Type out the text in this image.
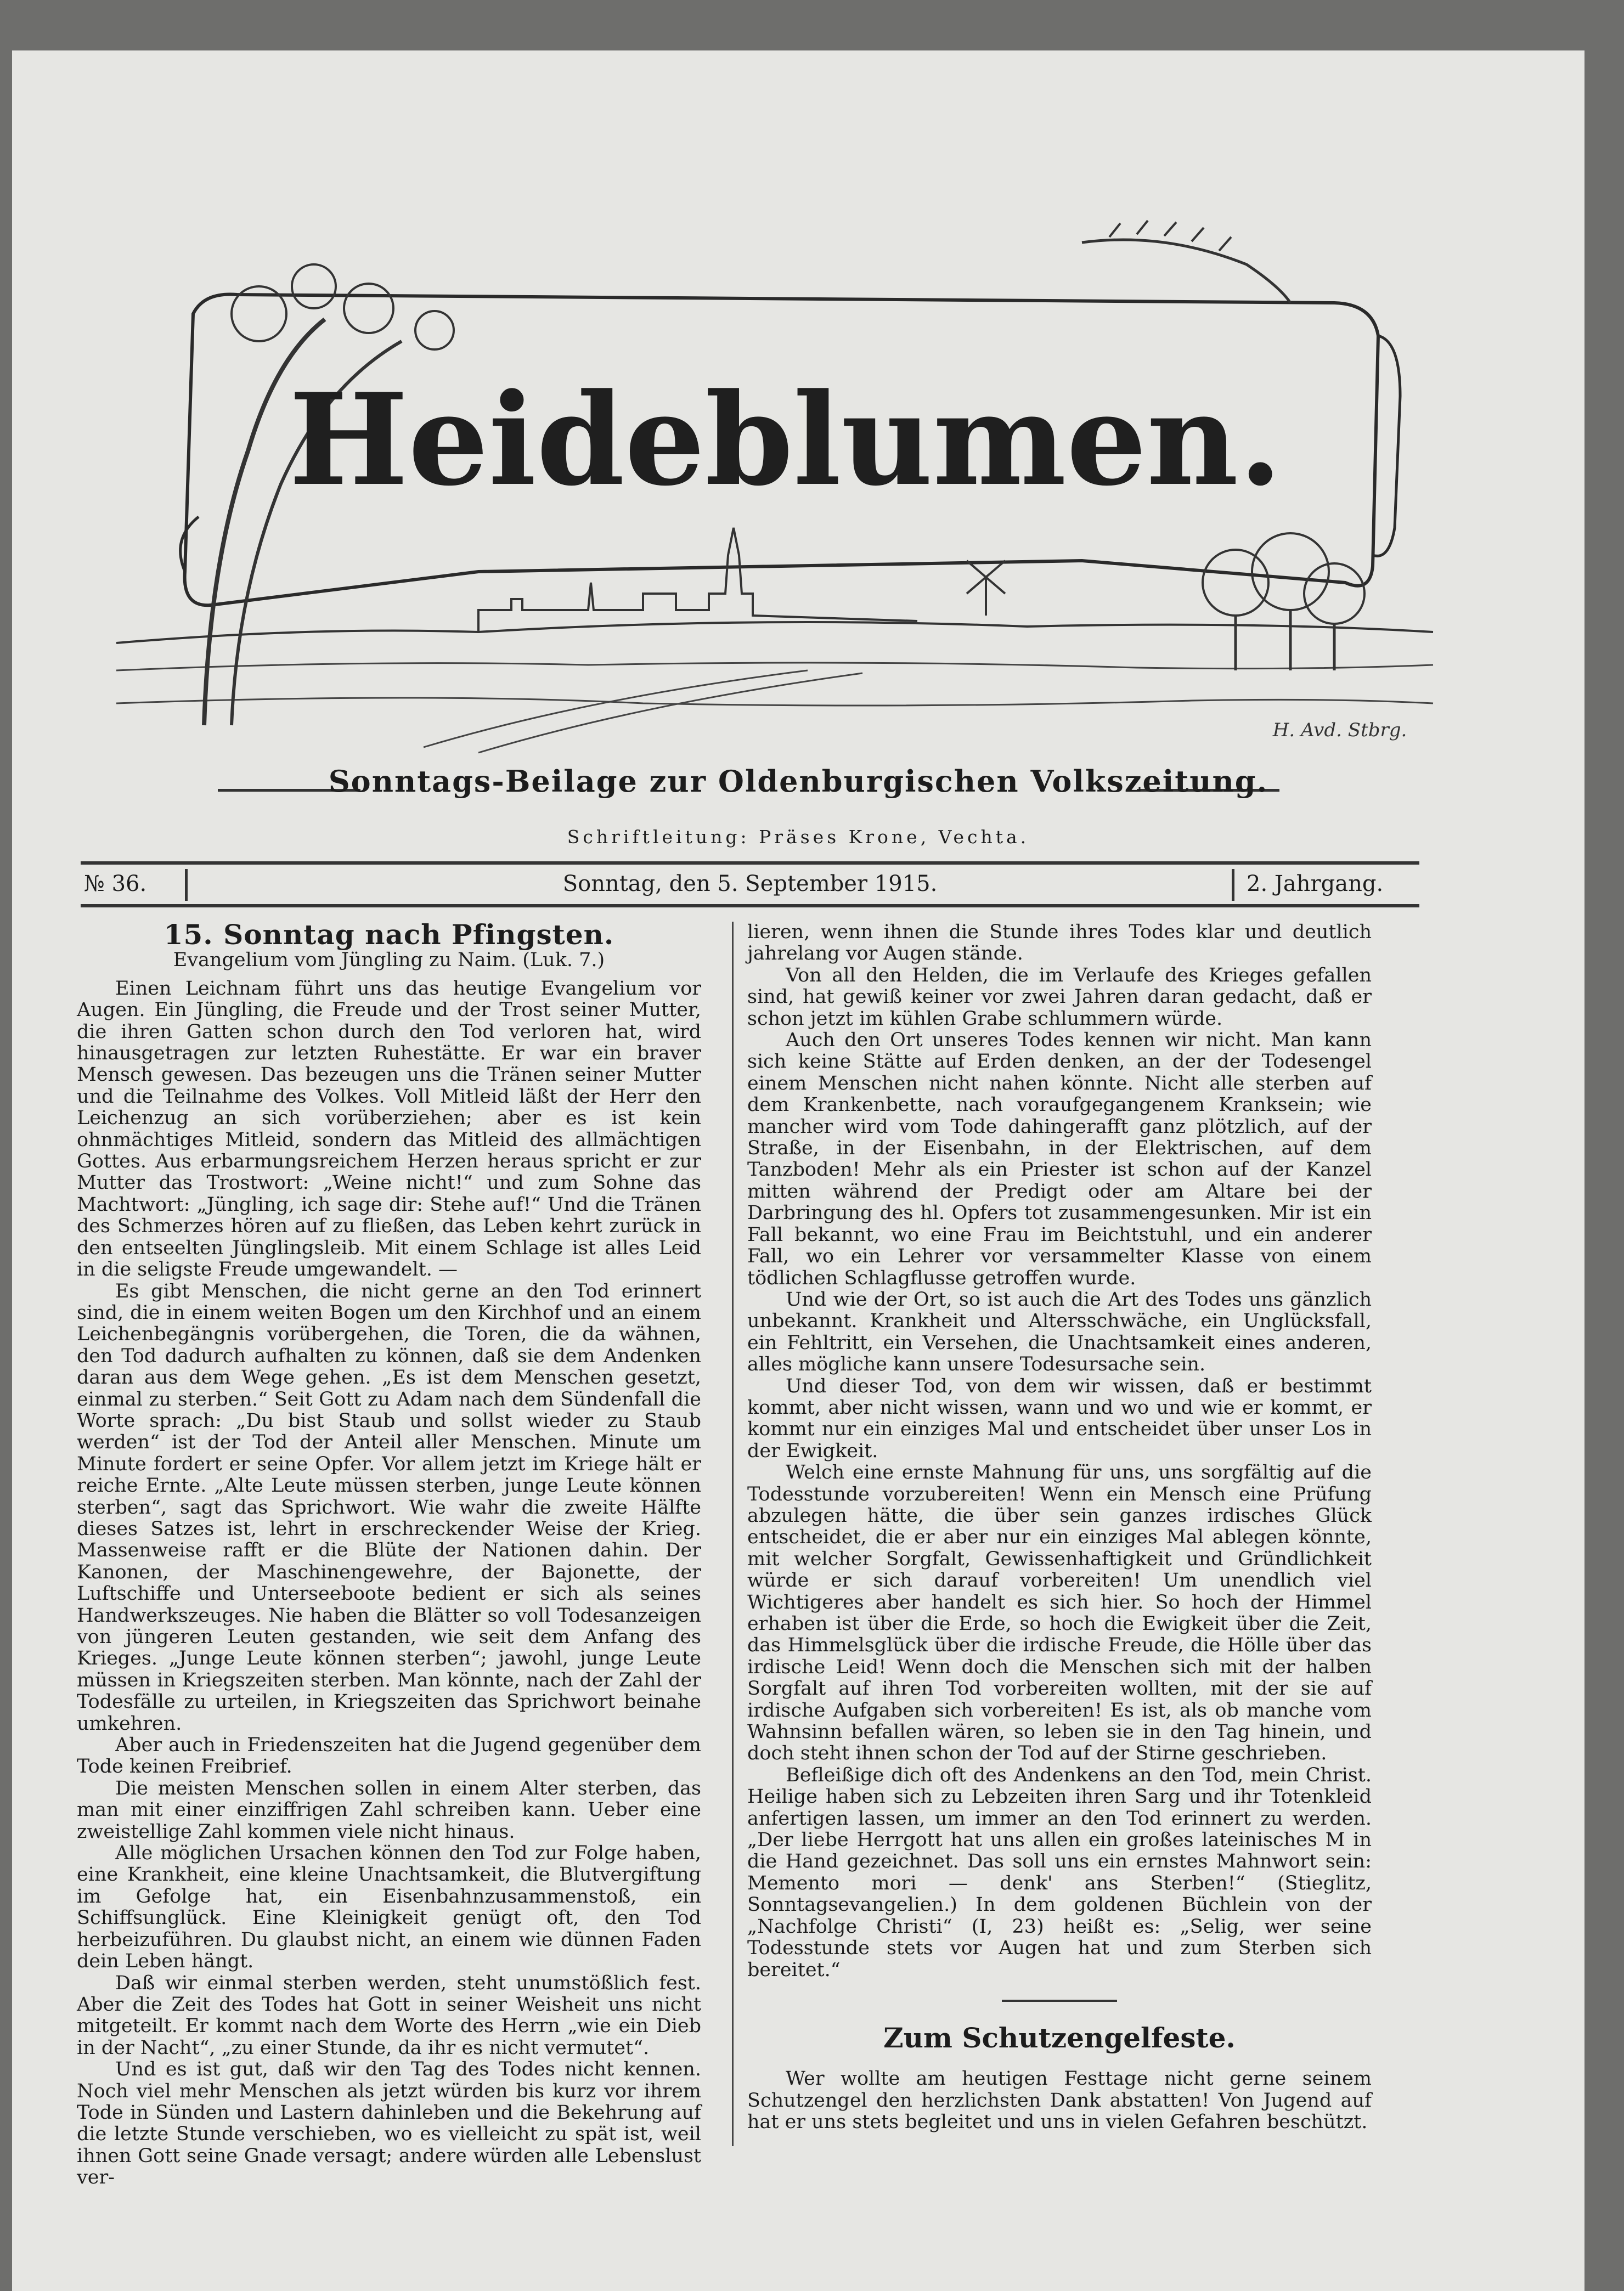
Heideblumen.
H. Avd. Stbrg.
Sonntags-Beilage zur Oldenburgischen Volkszeitung.
Schriftleitung: Präses Krone, Vechta.
№ 36.	Sonntag, den 5. September 1915.	2. Jahrgang.
15. Sonntag nach Pfingsten.

Evangelium vom Jüngling zu Naim. (Luk. 7.)

Einen Leichnam führt uns das heutige Evangelium vor Augen. Ein Jüngling, die Freude und der Trost seiner Mutter, die ihren Gatten schon durch den Tod verloren hat, wird hinausgetragen zur letzten Ruhestätte. Er war ein braver Mensch gewesen. Das bezeugen uns die Tränen seiner Mutter und die Teilnahme des Volkes. Voll Mitleid läßt der Herr den Leichenzug an sich vorüberziehen; aber es ist kein ohnmächtiges Mitleid, sondern das Mitleid des allmächtigen Gottes. Aus erbarmungsreichem Herzen heraus spricht er zur Mutter das Trostwort: „Weine nicht!“ und zum Sohne das Machtwort: „Jüngling, ich sage dir: Stehe auf!“ Und die Tränen des Schmerzes hören auf zu fließen, das Leben kehrt zurück in den entseelten Jünglingsleib. Mit einem Schlage ist alles Leid in die seligste Freude umgewandelt. —

Es gibt Menschen, die nicht gerne an den Tod erinnert sind, die in einem weiten Bogen um den Kirchhof und an einem Leichenbegängnis vorübergehen, die Toren, die da wähnen, den Tod dadurch aufhalten zu können, daß sie dem Andenken daran aus dem Wege gehen. „Es ist dem Menschen gesetzt, einmal zu sterben.“ Seit Gott zu Adam nach dem Sündenfall die Worte sprach: „Du bist Staub und sollst wieder zu Staub werden“ ist der Tod der Anteil aller Menschen. Minute um Minute fordert er seine Opfer. Vor allem jetzt im Kriege hält er reiche Ernte. „Alte Leute müssen sterben, junge Leute können sterben“, sagt das Sprichwort. Wie wahr die zweite Hälfte dieses Satzes ist, lehrt in erschreckender Weise der Krieg. Massenweise rafft er die Blüte der Nationen dahin. Der Kanonen, der Maschinengewehre, der Bajonette, der Luftschiffe und Unterseeboote bedient er sich als seines Handwerkszeuges. Nie haben die Blätter so voll Todesanzeigen von jüngeren Leuten gestanden, wie seit dem Anfang des Krieges. „Junge Leute können sterben“; jawohl, junge Leute müssen in Kriegszeiten sterben. Man könnte, nach der Zahl der Todesfälle zu urteilen, in Kriegszeiten das Sprichwort beinahe umkehren.

Aber auch in Friedenszeiten hat die Jugend gegenüber dem Tode keinen Freibrief.

Die meisten Menschen sollen in einem Alter sterben, das man mit einer einziffrigen Zahl schreiben kann. Ueber eine zweistellige Zahl kommen viele nicht hinaus.

Alle möglichen Ursachen können den Tod zur Folge haben, eine Krankheit, eine kleine Unachtsamkeit, die Blutvergiftung im Gefolge hat, ein Eisenbahnzusammenstoß, ein Schiffsunglück. Eine Kleinigkeit genügt oft, den Tod herbeizuführen. Du glaubst nicht, an einem wie dünnen Faden dein Leben hängt.

Daß wir einmal sterben werden, steht unumstößlich fest. Aber die Zeit des Todes hat Gott in seiner Weisheit uns nicht mitgeteilt. Er kommt nach dem Worte des Herrn „wie ein Dieb in der Nacht“, „zu einer Stunde, da ihr es nicht vermutet“.

Und es ist gut, daß wir den Tag des Todes nicht kennen. Noch viel mehr Menschen als jetzt würden bis kurz vor ihrem Tode in Sünden und Lastern dahinleben und die Bekehrung auf die letzte Stunde verschieben, wo es vielleicht zu spät ist, weil ihnen Gott seine Gnade versagt; andere würden alle Lebenslust ver-

lieren, wenn ihnen die Stunde ihres Todes klar und deutlich jahrelang vor Augen stände.

Von all den Helden, die im Verlaufe des Krieges gefallen sind, hat gewiß keiner vor zwei Jahren daran gedacht, daß er schon jetzt im kühlen Grabe schlummern würde.

Auch den Ort unseres Todes kennen wir nicht. Man kann sich keine Stätte auf Erden denken, an der der Todesengel einem Menschen nicht nahen könnte. Nicht alle sterben auf dem Krankenbette, nach voraufgegangenem Kranksein; wie mancher wird vom Tode dahingerafft ganz plötzlich, auf der Straße, in der Eisenbahn, in der Elektrischen, auf dem Tanzboden! Mehr als ein Priester ist schon auf der Kanzel mitten während der Predigt oder am Altare bei der Darbringung des hl. Opfers tot zusammengesunken. Mir ist ein Fall bekannt, wo eine Frau im Beichtstuhl, und ein anderer Fall, wo ein Lehrer vor versammelter Klasse von einem tödlichen Schlagflusse getroffen wurde.

Und wie der Ort, so ist auch die Art des Todes uns gänzlich unbekannt. Krankheit und Altersschwäche, ein Unglücksfall, ein Fehltritt, ein Versehen, die Unachtsamkeit eines anderen, alles mögliche kann unsere Todesursache sein.

Und dieser Tod, von dem wir wissen, daß er bestimmt kommt, aber nicht wissen, wann und wo und wie er kommt, er kommt nur ein einziges Mal und entscheidet über unser Los in der Ewigkeit.

Welch eine ernste Mahnung für uns, uns sorgfältig auf die Todesstunde vorzubereiten! Wenn ein Mensch eine Prüfung abzulegen hätte, die über sein ganzes irdisches Glück entscheidet, die er aber nur ein einziges Mal ablegen könnte, mit welcher Sorgfalt, Gewissenhaftigkeit und Gründlichkeit würde er sich darauf vorbereiten! Um unendlich viel Wichtigeres aber handelt es sich hier. So hoch der Himmel erhaben ist über die Erde, so hoch die Ewigkeit über die Zeit, das Himmelsglück über die irdische Freude, die Hölle über das irdische Leid! Wenn doch die Menschen sich mit der halben Sorgfalt auf ihren Tod vorbereiten wollten, mit der sie auf irdische Aufgaben sich vorbereiten! Es ist, als ob manche vom Wahnsinn befallen wären, so leben sie in den Tag hinein, und doch steht ihnen schon der Tod auf der Stirne geschrieben.

Befleißige dich oft des Andenkens an den Tod, mein Christ. Heilige haben sich zu Lebzeiten ihren Sarg und ihr Totenkleid anfertigen lassen, um immer an den Tod erinnert zu werden. „Der liebe Herrgott hat uns allen ein großes lateinisches M in die Hand gezeichnet. Das soll uns ein ernstes Mahnwort sein: Memento mori — denk' ans Sterben!“ (Stieglitz, Sonntagsevangelien.) In dem goldenen Büchlein von der „Nachfolge Christi“ (I, 23) heißt es: „Selig, wer seine Todesstunde stets vor Augen hat und zum Sterben sich bereitet.“

Zum Schutzengelfeste.

Wer wollte am heutigen Festtage nicht gerne seinem Schutzengel den herzlichsten Dank abstatten! Von Jugend auf hat er uns stets begleitet und uns in vielen Gefahren beschützt.
